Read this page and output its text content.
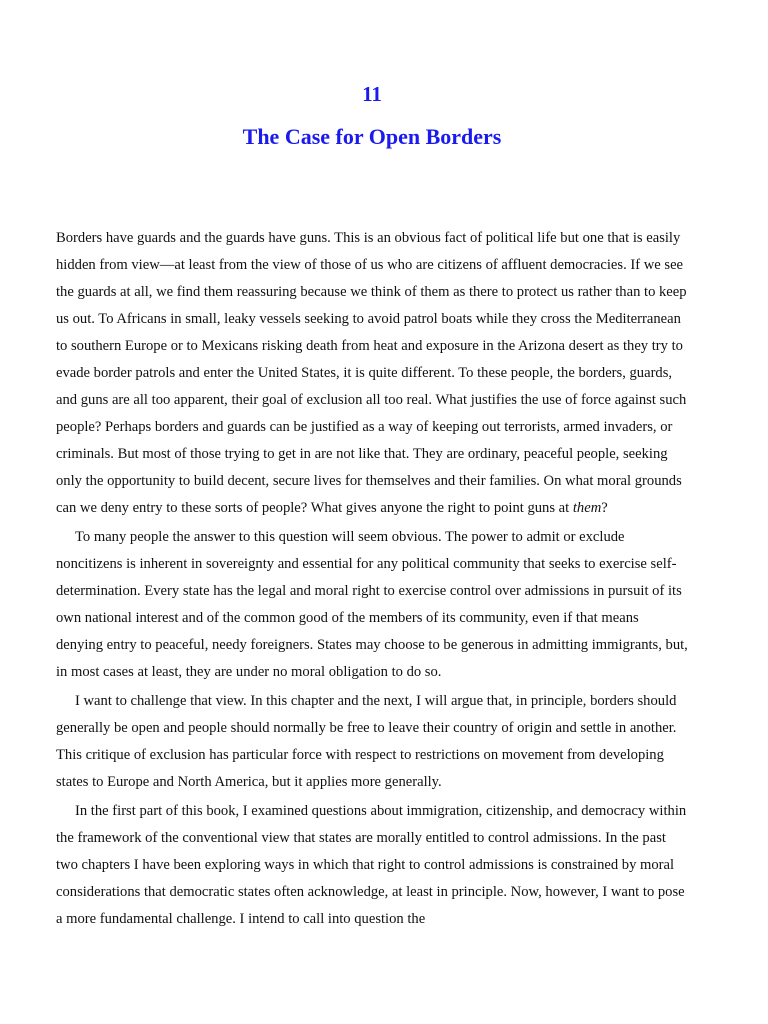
11
The Case for Open Borders

Borders have guards and the guards have guns. This is an obvious fact of political life but one that is easily hidden from view—at least from the view of those of us who are citizens of affluent democracies. If we see the guards at all, we find them reassuring because we think of them as there to protect us rather than to keep us out. To Africans in small, leaky vessels seeking to avoid patrol boats while they cross the Mediterranean to southern Europe or to Mexicans risking death from heat and exposure in the Arizona desert as they try to evade border patrols and enter the United States, it is quite different. To these people, the borders, guards, and guns are all too apparent, their goal of exclusion all too real. What justifies the use of force against such people? Perhaps borders and guards can be justified as a way of keeping out terrorists, armed invaders, or criminals. But most of those trying to get in are not like that. They are ordinary, peaceful people, seeking only the opportunity to build decent, secure lives for themselves and their families. On what moral grounds can we deny entry to these sorts of people? What gives anyone the right to point guns at them?

To many people the answer to this question will seem obvious. The power to admit or exclude noncitizens is inherent in sovereignty and essential for any political community that seeks to exercise self-determination. Every state has the legal and moral right to exercise control over admissions in pursuit of its own national interest and of the common good of the members of its community, even if that means denying entry to peaceful, needy foreigners. States may choose to be generous in admitting immigrants, but, in most cases at least, they are under no moral obligation to do so.

I want to challenge that view. In this chapter and the next, I will argue that, in principle, borders should generally be open and people should normally be free to leave their country of origin and settle in another. This critique of exclusion has particular force with respect to restrictions on movement from developing states to Europe and North America, but it applies more generally.

In the first part of this book, I examined questions about immigration, citizenship, and democracy within the framework of the conventional view that states are morally entitled to control admissions. In the past two chapters I have been exploring ways in which that right to control admissions is constrained by moral considerations that democratic states often acknowledge, at least in principle. Now, however, I want to pose a more fundamental challenge. I intend to call into question the
